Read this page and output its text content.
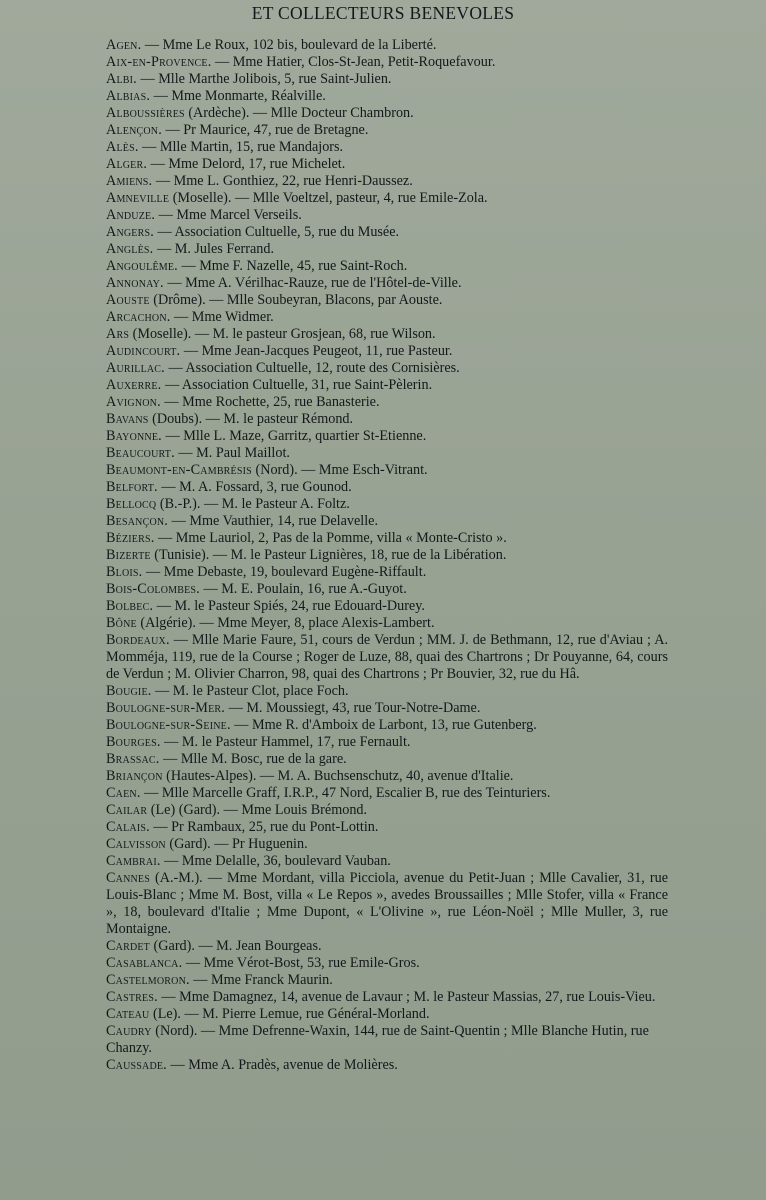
ET COLLECTEURS BENEVOLES

Agen. — Mme Le Roux, 102 bis, boulevard de la Liberté.

Aix-en-Provence. — Mme Hatier, Clos-St-Jean, Petit-Roquefavour.

Albi. — Mlle Marthe Jolibois, 5, rue Saint-Julien.

Albias. — Mme Monmarte, Réalville.

Alboussières (Ardèche). — Mlle Docteur Chambron.

Alençon. — Pr Maurice, 47, rue de Bretagne.

Alès. — Mlle Martin, 15, rue Mandajors.

Alger. — Mme Delord, 17, rue Michelet.

Amiens. — Mme L. Gonthiez, 22, rue Henri-Daussez.

Amneville (Moselle). — Mlle Voeltzel, pasteur, 4, rue Emile-Zola.

Anduze. — Mme Marcel Verseils.

Angers. — Association Cultuelle, 5, rue du Musée.

Anglès. — M. Jules Ferrand.

Angoulême. — Mme F. Nazelle, 45, rue Saint-Roch.

Annonay. — Mme A. Vérilhac-Rauze, rue de l'Hôtel-de-Ville.

Aouste (Drôme). — Mlle Soubeyran, Blacons, par Aouste.

Arcachon. — Mme Widmer.

Ars (Moselle). — M. le pasteur Grosjean, 68, rue Wilson.

Audincourt. — Mme Jean-Jacques Peugeot, 11, rue Pasteur.

Aurillac. — Association Cultuelle, 12, route des Cornisières.

Auxerre. — Association Cultuelle, 31, rue Saint-Pèlerin.

Avignon. — Mme Rochette, 25, rue Banasterie.

Bavans (Doubs). — M. le pasteur Rémond.

Bayonne. — Mlle L. Maze, Garritz, quartier St-Etienne.

Beaucourt. — M. Paul Maillot.

Beaumont-en-Cambrésis (Nord). — Mme Esch-Vitrant.

Belfort. — M. A. Fossard, 3, rue Gounod.

Bellocq (B.-P.). — M. le Pasteur A. Foltz.

Besançon. — Mme Vauthier, 14, rue Delavelle.

Béziers. — Mme Lauriol, 2, Pas de la Pomme, villa « Monte-Cristo ».

Bizerte (Tunisie). — M. le Pasteur Lignières, 18, rue de la Libération.

Blois. — Mme Debaste, 19, boulevard Eugène-Riffault.

Bois-Colombes. — M. E. Poulain, 16, rue A.-Guyot.

Bolbec. — M. le Pasteur Spiés, 24, rue Edouard-Durey.

Bône (Algérie). — Mme Meyer, 8, place Alexis-Lambert.

Bordeaux. — Mlle Marie Faure, 51, cours de Verdun ; MM. J. de Bethmann, 12, rue d'Aviau ; A. Momméja, 119, rue de la Course ; Roger de Luze, 88, quai des Chartrons ; Dr Pouyanne, 64, cours de Verdun ; M. Olivier Charron, 98, quai des Chartrons ; Pr Bouvier, 32, rue du Hâ.

Bougie. — M. le Pasteur Clot, place Foch.

Boulogne-sur-Mer. — M. Moussiegt, 43, rue Tour-Notre-Dame.

Boulogne-sur-Seine. — Mme R. d'Amboix de Larbont, 13, rue Gutenberg.

Bourges. — M. le Pasteur Hammel, 17, rue Fernault.

Brassac. — Mlle M. Bosc, rue de la gare.

Briançon (Hautes-Alpes). — M. A. Buchsenschutz, 40, avenue d'Italie.

Caen. — Mlle Marcelle Graff, I.R.P., 47 Nord, Escalier B, rue des Teinturiers.

Cailar (Le) (Gard). — Mme Louis Brémond.

Calais. — Pr Rambaux, 25, rue du Pont-Lottin.

Calvisson (Gard). — Pr Huguenin.

Cambrai. — Mme Delalle, 36, boulevard Vauban.

Cannes (A.-M.). — Mme Mordant, villa Picciola, avenue du Petit-Juan ; Mlle Cavalier, 31, rue Louis-Blanc ; Mme M. Bost, villa « Le Repos », avedes Broussailles ; Mlle Stofer, villa « France », 18, boulevard d'Italie ; Mme Dupont, « L'Olivine », rue Léon-Noël ; Mlle Muller, 3, rue Montaigne.

Cardet (Gard). — M. Jean Bourgeas.

Casablanca. — Mme Vérot-Bost, 53, rue Emile-Gros.

Castelmoron. — Mme Franck Maurin.

Castres. — Mme Damagnez, 14, avenue de Lavaur ; M. le Pasteur Massias, 27, rue Louis-Vieu.

Cateau (Le). — M. Pierre Lemue, rue Général-Morland.

Caudry (Nord). — Mme Defrenne-Waxin, 144, rue de Saint-Quentin ; Mlle Blanche Hutin, rue Chanzy.

Caussade. — Mme A. Pradès, avenue de Molières.
